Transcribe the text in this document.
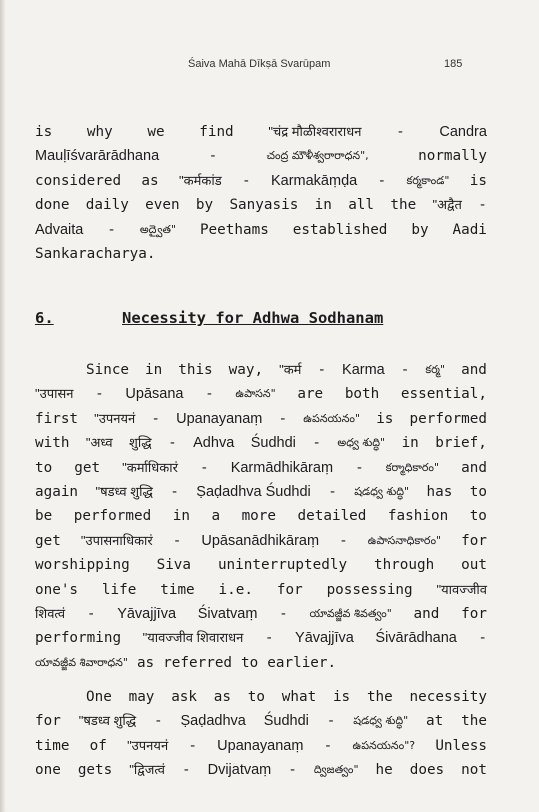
Śaiva Mahā Dīkṣā Svarūpam	185
is why we find	"चंद्र मौळीश्वराराधन - Candra
Mauḷīśvarārādhana	-	చంద్ర మౌళీశ్వరారాధన",	normally
considered as "कर्मकांड - Karmakāṃḍa - కర్మకాండ" is
done daily even by Sanyasis in all the "अद्वैत -
Advaita - అద్వైత" Peethams established by Aadi
Sankaracharya.
6.	Necessity for Adhwa Sodhanam
Since in this way, "कर्म - Karma - కర్మ" and
"उपासन - Upāsana - ఉపాసన" are both essential,
first "उपनयनं - Upanayanaṃ - ఉపనయనం" is performed
with "अध्व शुद्धि - Adhva Śudhdi - అధ్వ శుద్ధి" in brief,
to get "कर्माधिकारं - Karmādhikāraṃ - కర్మాధికారం" and
again "षडध्व शुद्धि - Ṣaḍadhva Śudhdi - షడధ్వ శుద్ధి" has to
be performed in a more detailed fashion to
get "उपासनाधिकारं - Upāsanādhikāraṃ - ఉపాసనాధికారం" for
worshipping Siva uninterruptedly through out
one's life time i.e. for possessing "यावज्जीव
शिवत्वं - Yāvajjīva Śivatvaṃ - యావజ్జీవ శివత్వం" and for
performing "यावज्जीव शिवाराधन - Yāvajjīva Śivārādhana -
యావజ్జీవ శివారాధన" as referred to earlier.
One may ask as to what is the necessity
for "षडध्व शुद्धि - Ṣaḍadhva Śudhdi - షడధ్వ శుద్ధి" at the
time of "उपनयनं - Upanayanaṃ - ఉపనయనం"? Unless
one gets "द्विजत्वं - Dvijatvaṃ - ద్విజత్వం" he does not
